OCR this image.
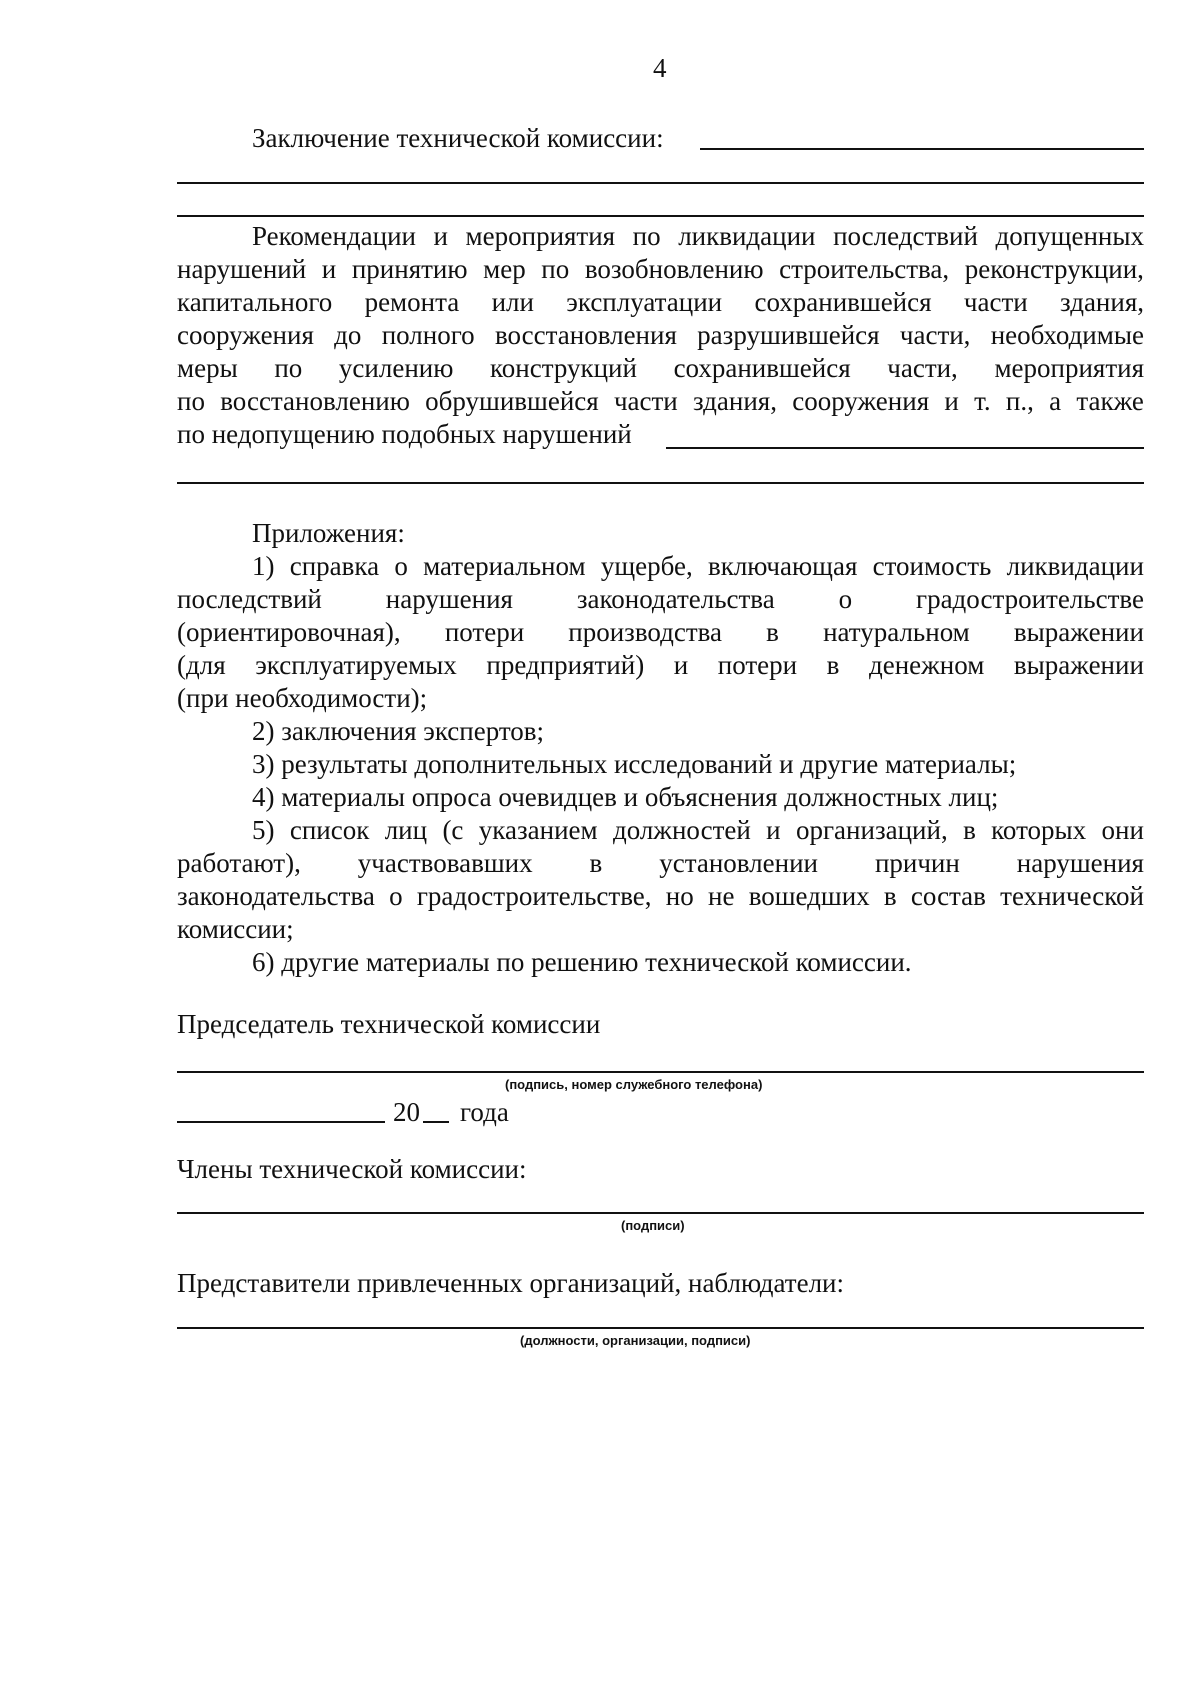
4
Заключение технической комиссии:
Рекомендации и мероприятия по ликвидации последствий допущенных
нарушений и принятию мер по возобновлению строительства, реконструкции,
капитального ремонта или эксплуатации сохранившейся части здания,
сооружения до полного восстановления разрушившейся части, необходимые
меры по усилению конструкций сохранившейся части, мероприятия
по восстановлению обрушившейся части здания, сооружения и т. п., а также
по недопущению подобных нарушений
Приложения:
1) справка о материальном ущербе, включающая стоимость ликвидации
последствий нарушения законодательства о градостроительстве
(ориентировочная), потери производства в натуральном выражении
(для эксплуатируемых предприятий) и потери в денежном выражении
(при необходимости);
2) заключения экспертов;
3) результаты дополнительных исследований и другие материалы;
4) материалы опроса очевидцев и объяснения должностных лиц;
5) список лиц (с указанием должностей и организаций, в которых они
работают), участвовавших в установлении причин нарушения
законодательства о градостроительстве, но не вошедших в состав технической
комиссии;
6) другие материалы по решению технической комиссии.
Председатель технической комиссии
(подпись, номер служебного телефона)
20 года
Члены технической комиссии:
(подписи)
Представители привлеченных организаций, наблюдатели:
(должности, организации, подписи)
